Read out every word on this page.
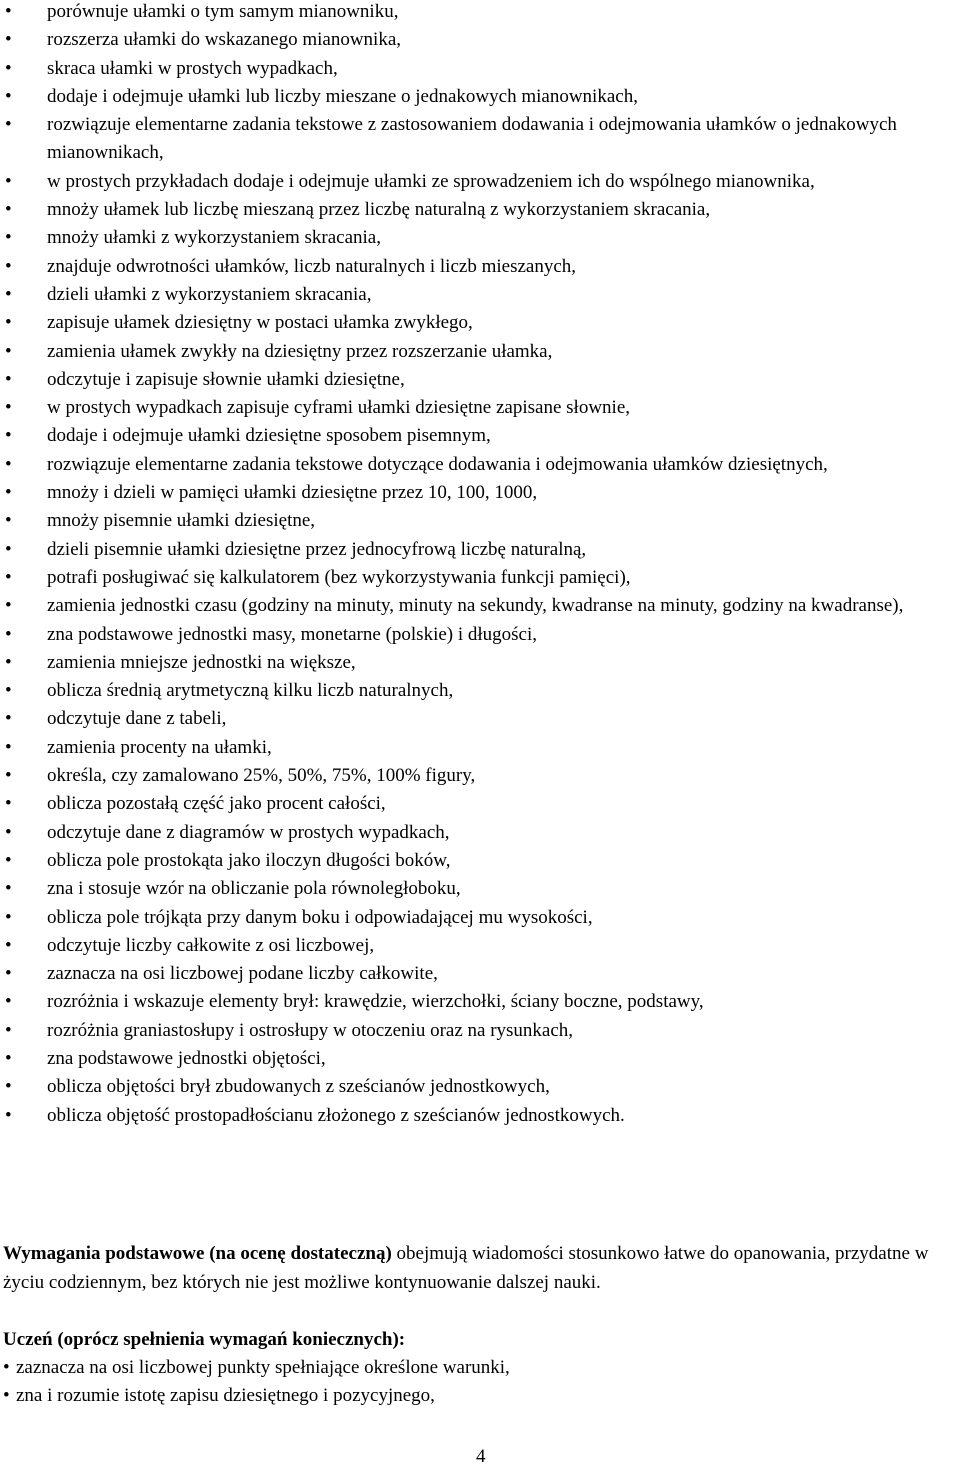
• porównuje ułamki o tym samym mianowniku,
• rozszerza ułamki do wskazanego mianownika,
• skraca ułamki w prostych wypadkach,
• dodaje i odejmuje ułamki lub liczby mieszane o jednakowych mianownikach,
• rozwiązuje elementarne zadania tekstowe z zastosowaniem dodawania i odejmowania ułamków o jednakowych mianownikach,
• w prostych przykładach dodaje i odejmuje ułamki ze sprowadzeniem ich do wspólnego mianownika,
• mnoży ułamek lub liczbę mieszaną przez liczbę naturalną z wykorzystaniem skracania,
• mnoży ułamki z wykorzystaniem skracania,
• znajduje odwrotności ułamków, liczb naturalnych i liczb mieszanych,
• dzieli ułamki z wykorzystaniem skracania,
• zapisuje ułamek dziesiętny w postaci ułamka zwykłego,
• zamienia ułamek zwykły na dziesiętny przez rozszerzanie ułamka,
• odczytuje i zapisuje słownie ułamki dziesiętne,
• w prostych wypadkach zapisuje cyframi ułamki dziesiętne zapisane słownie,
• dodaje i odejmuje ułamki dziesiętne sposobem pisemnym,
• rozwiązuje elementarne zadania tekstowe dotyczące dodawania i odejmowania ułamków dziesiętnych,
• mnoży i dzieli w pamięci ułamki dziesiętne przez 10, 100, 1000,
• mnoży pisemnie ułamki dziesiętne,
• dzieli pisemnie ułamki dziesiętne przez jednocyfrową liczbę naturalną,
• potrafi posługiwać się kalkulatorem (bez wykorzystywania funkcji pamięci),
• zamienia jednostki czasu (godziny na minuty, minuty na sekundy, kwadranse na minuty, godziny na kwadranse),
• zna podstawowe jednostki masy, monetarne (polskie) i długości,
• zamienia mniejsze jednostki na większe,
• oblicza średnią arytmetyczną kilku liczb naturalnych,
• odczytuje dane z tabeli,
• zamienia procenty na ułamki,
• określa, czy zamalowano 25%, 50%, 75%, 100% figury,
• oblicza pozostałą część jako procent całości,
• odczytuje dane z diagramów w prostych wypadkach,
• oblicza pole prostokąta jako iloczyn długości boków,
• zna i stosuje wzór na obliczanie pola równoległoboku,
• oblicza pole trójkąta przy danym boku i odpowiadającej mu wysokości,
• odczytuje liczby całkowite z osi liczbowej,
• zaznacza na osi liczbowej podane liczby całkowite,
• rozróżnia i wskazuje elementy brył: krawędzie, wierzchołki, ściany boczne, podstawy,
• rozróżnia graniastosłupy i ostrosłupy w otoczeniu oraz na rysunkach,
• zna podstawowe jednostki objętości,
• oblicza objętości brył zbudowanych z sześcianów jednostkowych,
• oblicza objętość prostopadłościanu złożonego z sześcianów jednostkowych.

Wymagania podstawowe (na ocenę dostateczną) obejmują wiadomości stosunkowo łatwe do opanowania, przydatne w życiu codziennym, bez których nie jest możliwe kontynuowanie dalszej nauki.

Uczeń (oprócz spełnienia wymagań koniecznych):
• zaznacza na osi liczbowej punkty spełniające określone warunki,
• zna i rozumie istotę zapisu dziesiętnego i pozycyjnego,
4
